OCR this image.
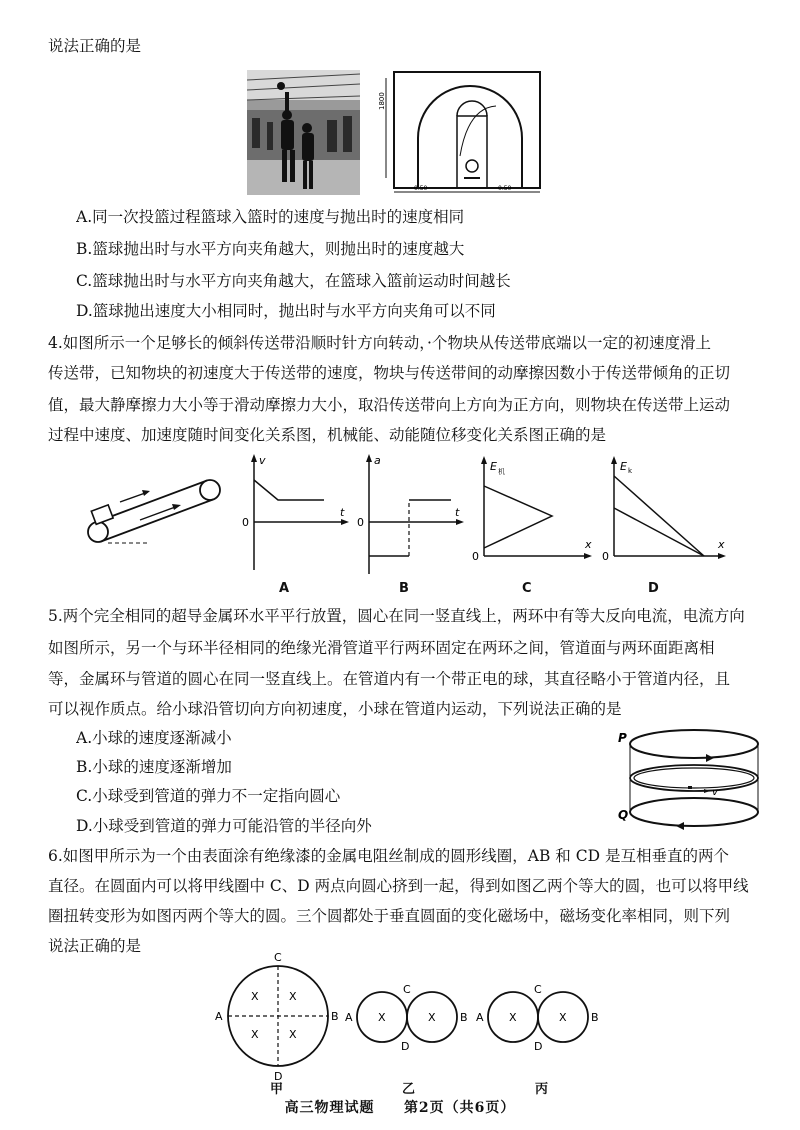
说法正确的是
1800
0.50	0.50
A.同一次投篮过程篮球入篮时的速度与抛出时的速度相同
B.篮球抛出时与水平方向夹角越大，则抛出时的速度越大
C.篮球抛出时与水平方向夹角越大，在篮球入篮前运动时间越长
D.篮球抛出速度大小相同时，抛出时与水平方向夹角可以不同
4.如图所示一个足够长的倾斜传送带沿顺时针方向转动，·个物块从传送带底端以一定的初速度滑上
传送带，已知物块的初速度大于传送带的速度，物块与传送带间的动摩擦因数小于传送带倾角的正切
值，最大静摩擦力大小等于滑动摩擦力大小，取沿传送带向上方向为正方向，则物块在传送带上运动
过程中速度、加速度随时间变化关系图，机械能、动能随位移变化关系图正确的是
v
t
0
A
a
t
0
B
E 机
x
0
C
E k
x
0
D
5.两个完全相同的超导金属环水平平行放置，圆心在同一竖直线上，两环中有等大反向电流，电流方向
如图所示，另一个与环半径相同的绝缘光滑管道平行两环固定在两环之间，管道面与两环面距离相
等，金属环与管道的圆心在同一竖直线上。在管道内有一个带正电的球，其直径略小于管道内径，且
可以视作质点。给小球沿管切向方向初速度，小球在管道内运动，下列说法正确的是
A.小球的速度逐渐减小
B.小球的速度逐渐增加
C.小球受到管道的弹力不一定指向圆心
D.小球受到管道的弹力可能沿管的半径向外
v
P
Q
6.如图甲所示为一个由表面涂有绝缘漆的金属电阻丝制成的圆形线圈，AB 和 CD 是互相垂直的两个
直径。在圆面内可以将甲线圈中 C、D 两点向圆心挤到一起，得到如图乙两个等大的圆，也可以将甲线
圈扭转变形为如图丙两个等大的圆。三个圆都处于垂直圆面的变化磁场中，磁场变化率相同，则下列
说法正确的是
C
D
A	B
X	X
X	X
甲
C
D
A	B
X	X
乙
C
D
A	B
X	X
丙
高三物理试题 第2页（共6页）
